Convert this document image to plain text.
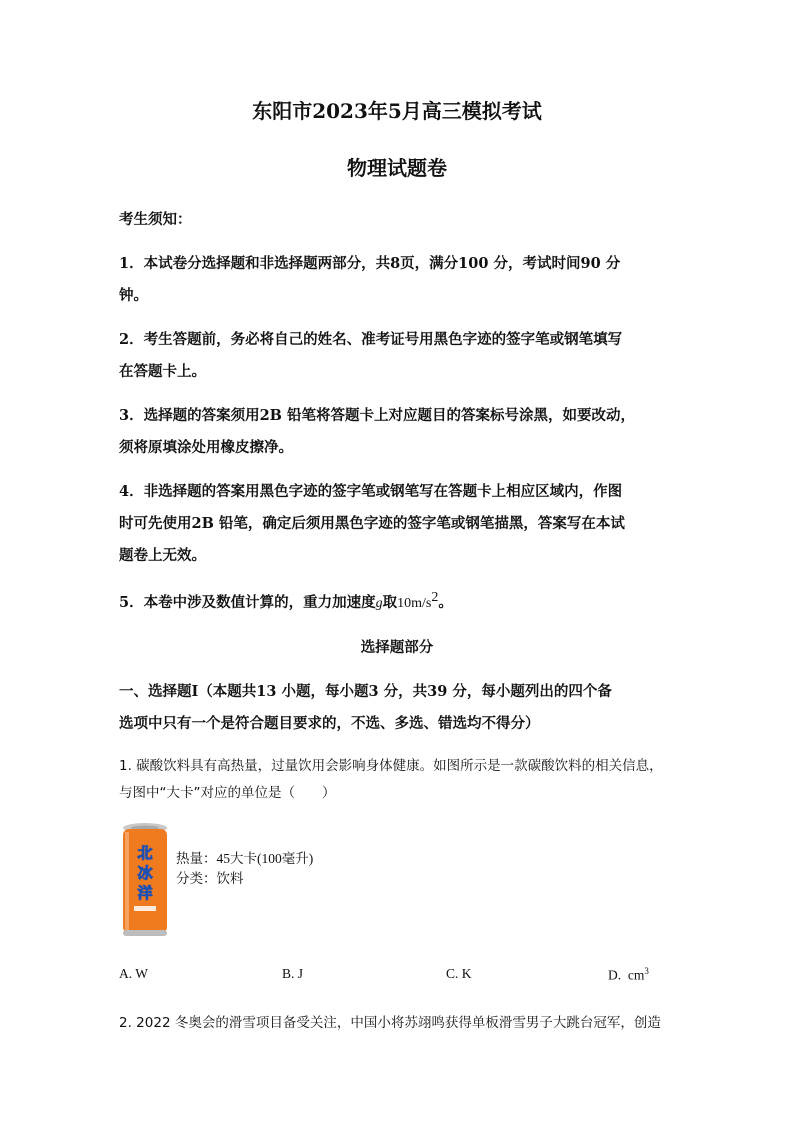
东阳市2023年5月高三模拟考试
物理试题卷
考生须知：
1．本试卷分选择题和非选择题两部分，共8页，满分100 分，考试时间90 分
钟。
2．考生答题前，务必将自己的姓名、准考证号用黑色字迹的签字笔或钢笔填写
在答题卡上。
3．选择题的答案须用2B 铅笔将答题卡上对应题目的答案标号涂黑，如要改动，
须将原填涂处用橡皮擦净。
4．非选择题的答案用黑色字迹的签字笔或钢笔写在答题卡上相应区域内，作图
时可先使用2B 铅笔，确定后须用黑色字迹的签字笔或钢笔描黑，答案写在本试
题卷上无效。
5．本卷中涉及数值计算的，重力加速度g取$10m/s^2$。
选择题部分
一、选择题Ⅰ（本题共13 小题，每小题3 分，共39 分，每小题列出的四个备
选项中只有一个是符合题目要求的，不选、多选、错选均不得分）
1. 碳酸饮料具有高热量，过量饮用会影响身体健康。如图所示是一款碳酸饮料的相关信息，
与图中“大卡”对应的单位是（　　）
北
冰
洋
热量：45大卡(100毫升)
分类：饮料
A. W	B. J	C. K	D. $cm^3$
2. 2022 冬奥会的滑雪项目备受关注，中国小将苏翊鸣获得单板滑雪男子大跳台冠军，创造
